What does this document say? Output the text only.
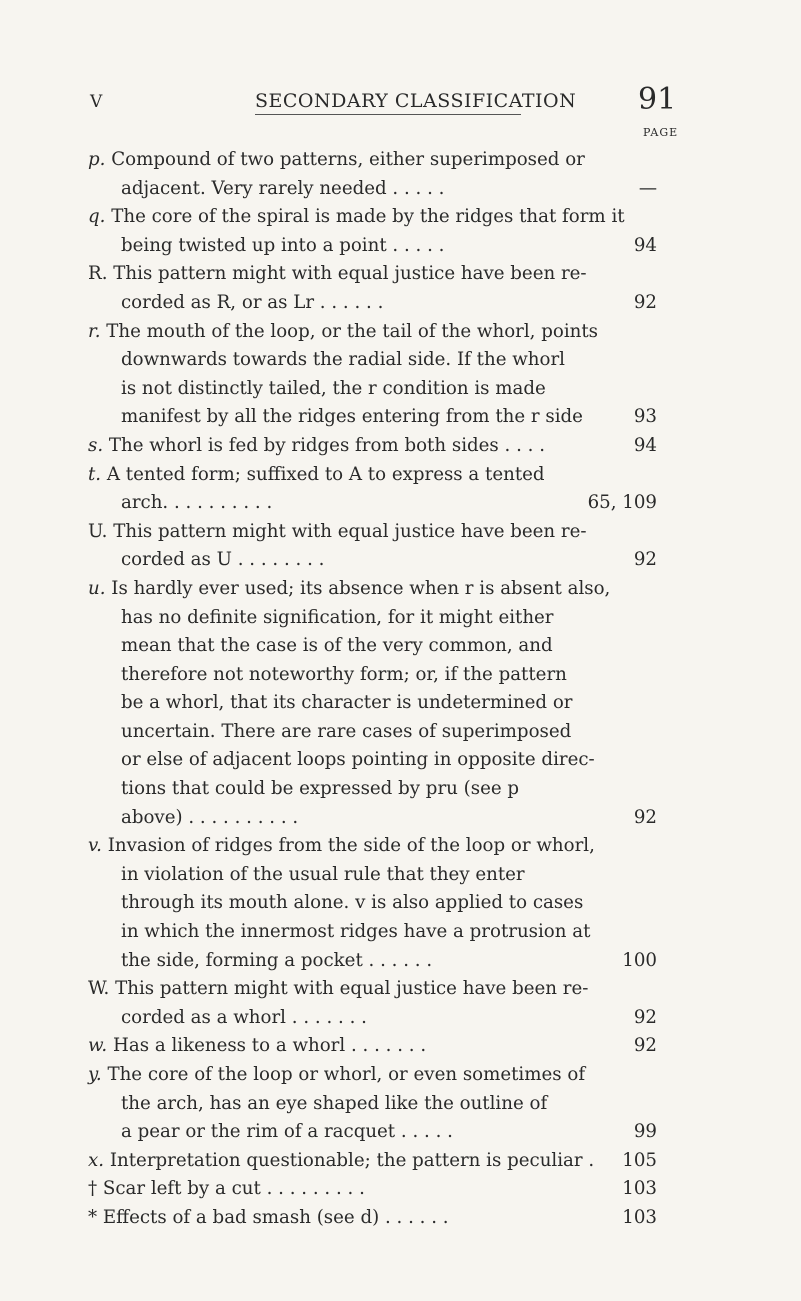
V	SECONDARY CLASSIFICATION 91
PAGE
p. Compound of two patterns, either superimposed or
adjacent. Very rarely needed . . . . .	—
q. The core of the spiral is made by the ridges that form it
being twisted up into a point . . . . .	94
R. This pattern might with equal justice have been re-
corded as R, or as Lr . . . . . .	92
r. The mouth of the loop, or the tail of the whorl, points
downwards towards the radial side. If the whorl
is not distinctly tailed, the r condition is made
manifest by all the ridges entering from the r side	93
s. The whorl is fed by ridges from both sides . . . .	94
t. A tented form; suffixed to A to express a tented
arch. . . . . . . . . .	65, 109
U. This pattern might with equal justice have been re-
corded as U . . . . . . . .	92
u. Is hardly ever used; its absence when r is absent also,
has no definite signification, for it might either
mean that the case is of the very common, and
therefore not noteworthy form; or, if the pattern
be a whorl, that its character is undetermined or
uncertain. There are rare cases of superimposed
or else of adjacent loops pointing in opposite direc-
tions that could be expressed by pru (see p
above) . . . . . . . . . .	92
v. Invasion of ridges from the side of the loop or whorl,
in violation of the usual rule that they enter
through its mouth alone. v is also applied to cases
in which the innermost ridges have a protrusion at
the side, forming a pocket . . . . . .	100
W. This pattern might with equal justice have been re-
corded as a whorl . . . . . . .	92
w. Has a likeness to a whorl . . . . . . .	92
y. The core of the loop or whorl, or even sometimes of
the arch, has an eye shaped like the outline of
a pear or the rim of a racquet . . . . .	99
x. Interpretation questionable; the pattern is peculiar . 105
† Scar left by a cut . . . . . . . . .	103
* Effects of a bad smash (see d) . . . . . .	103
